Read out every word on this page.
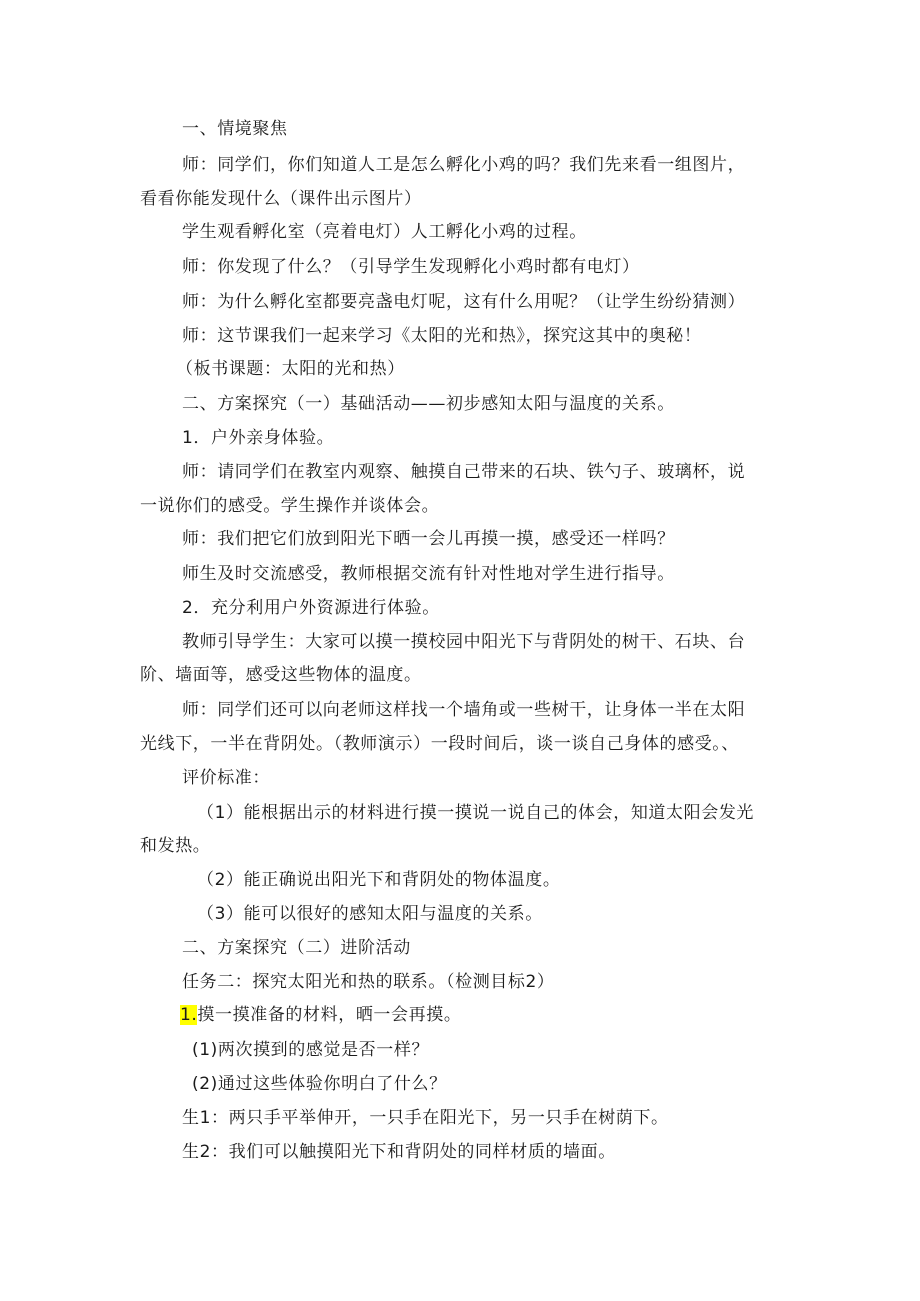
一、情境聚焦
师：同学们，你们知道人工是怎么孵化小鸡的吗？我们先来看一组图片，
看看你能发现什么（课件出示图片）
学生观看孵化室（亮着电灯）人工孵化小鸡的过程。
师：你发现了什么？（引导学生发现孵化小鸡时都有电灯）
师：为什么孵化室都要亮盏电灯呢，这有什么用呢？（让学生纷纷猜测）
师：这节课我们一起来学习《太阳的光和热》，探究这其中的奥秘！
（板书课题：太阳的光和热）
二、方案探究（一）基础活动——初步感知太阳与温度的关系。
1．户外亲身体验。
师：请同学们在教室内观察、触摸自己带来的石块、铁勺子、玻璃杯，说
一说你们的感受。学生操作并谈体会。
师：我们把它们放到阳光下晒一会儿再摸一摸，感受还一样吗？
师生及时交流感受，教师根据交流有针对性地对学生进行指导。
2．充分利用户外资源进行体验。
教师引导学生：大家可以摸一摸校园中阳光下与背阴处的树干、石块、台
阶、墙面等，感受这些物体的温度。
师：同学们还可以向老师这样找一个墙角或一些树干，让身体一半在太阳
光线下，一半在背阴处。（教师演示）一段时间后，谈一谈自己身体的感受。、
评价标准：
（1）能根据出示的材料进行摸一摸说一说自己的体会，知道太阳会发光
和发热。
（2）能正确说出阳光下和背阴处的物体温度。
（3）能可以很好的感知太阳与温度的关系。
二、方案探究（二）进阶活动
任务二：探究太阳光和热的联系。（检测目标2）
1.摸一摸准备的材料，晒一会再摸。
(1)两次摸到的感觉是否一样？
(2)通过这些体验你明白了什么？
生1：两只手平举伸开，一只手在阳光下，另一只手在树荫下。
生2：我们可以触摸阳光下和背阴处的同样材质的墙面。
